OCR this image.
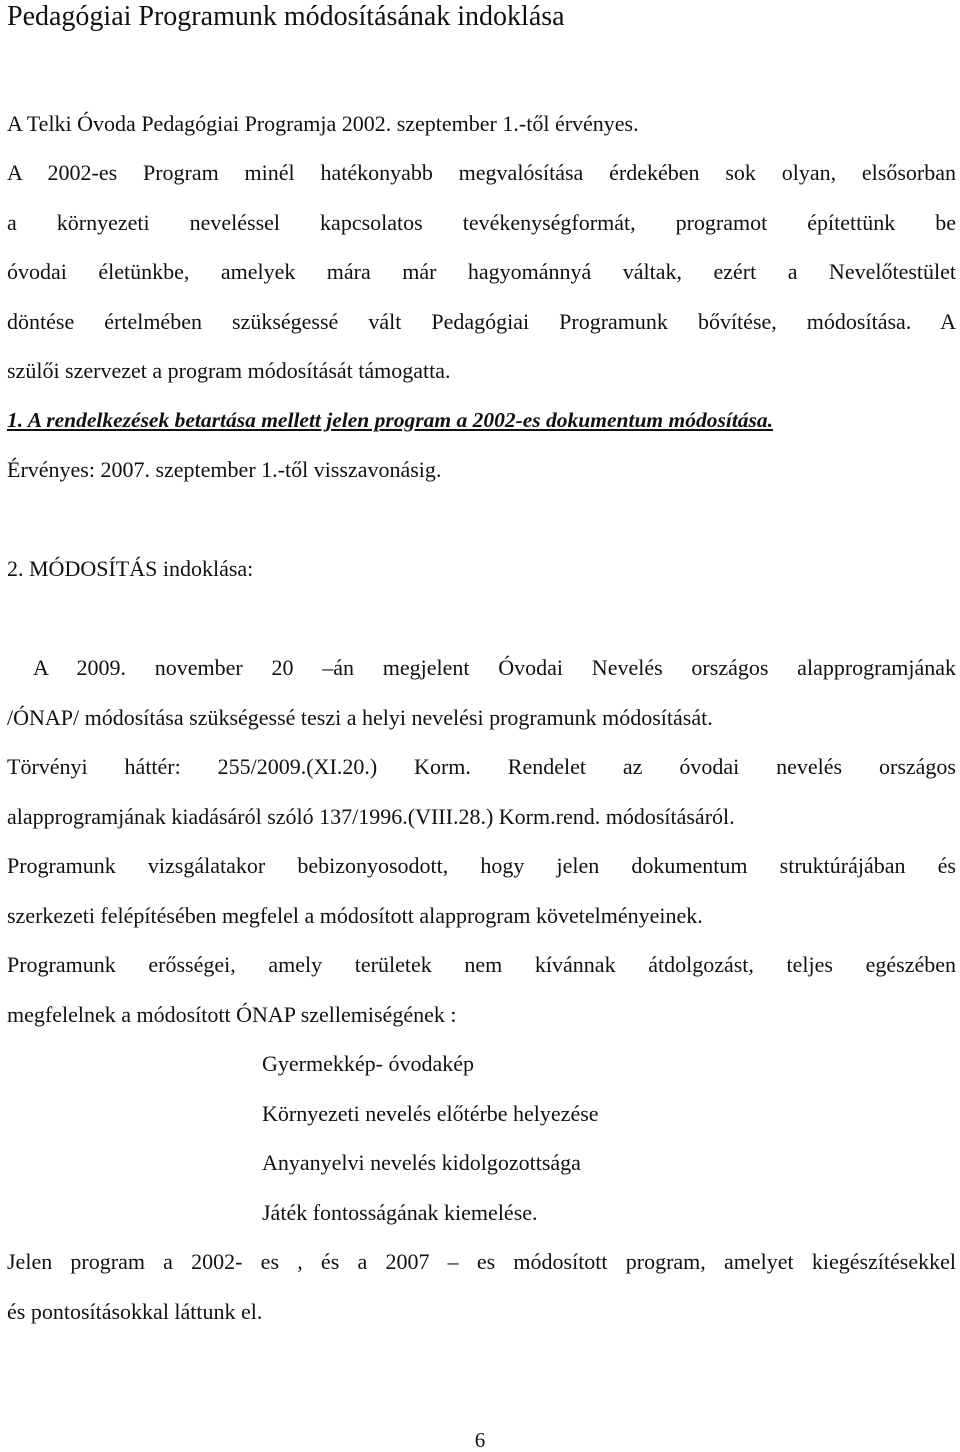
Pedagógiai Programunk módosításának indoklása
A Telki Óvoda Pedagógiai Programja 2002. szeptember 1.-től érvényes.
A 2002-es Program minél hatékonyabb megvalósítása érdekében sok olyan, elsősorban
a környezeti neveléssel kapcsolatos tevékenységformát, programot építettünk be
óvodai életünkbe, amelyek mára már hagyománnyá váltak, ezért a Nevelőtestület
döntése értelmében szükségessé vált Pedagógiai Programunk bővítése, módosítása. A
szülői szervezet a program módosítását támogatta.
1. A rendelkezések betartása mellett jelen program a 2002-es dokumentum módosítása.
Érvényes: 2007. szeptember 1.-től visszavonásig.
2. MÓDOSÍTÁS indoklása:
A 2009. november 20 –án megjelent Óvodai Nevelés országos alapprogramjának
/ÓNAP/ módosítása szükségessé teszi a helyi nevelési programunk módosítását.
Törvényi háttér: 255/2009.(XI.20.) Korm. Rendelet az óvodai nevelés országos
alapprogramjának kiadásáról szóló 137/1996.(VIII.28.) Korm.rend. módosításáról.
Programunk vizsgálatakor bebizonyosodott, hogy jelen dokumentum struktúrájában és
szerkezeti felépítésében megfelel a módosított alapprogram követelményeinek.
Programunk erősségei, amely területek nem kívánnak átdolgozást, teljes egészében
megfelelnek a módosított ÓNAP szellemiségének :
Gyermekkép- óvodakép
Környezeti nevelés előtérbe helyezése
Anyanyelvi nevelés kidolgozottsága
Játék fontosságának kiemelése.
Jelen program a 2002- es , és a 2007 – es módosított program, amelyet kiegészítésekkel
és pontosításokkal láttunk el.
6
